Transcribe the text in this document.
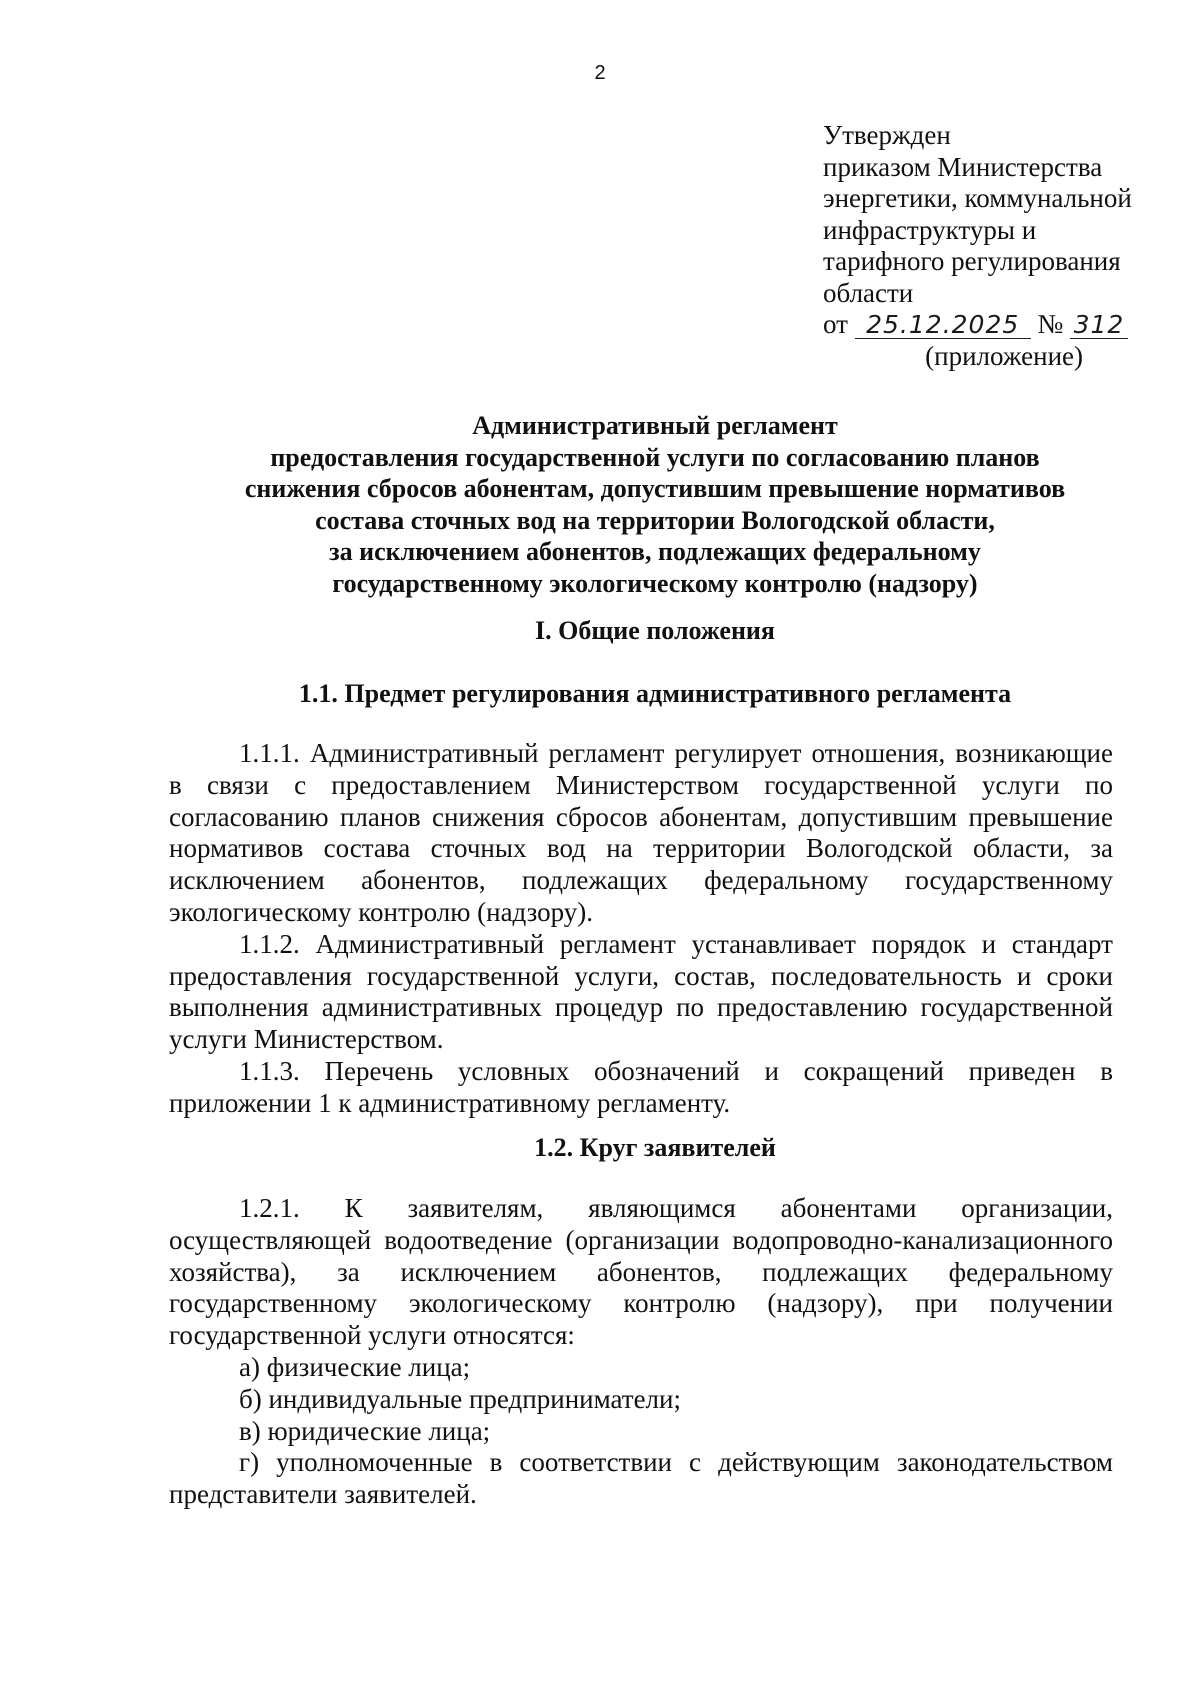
2
Утвержден
приказом Министерства
энергетики, коммунальной
инфраструктуры и
тарифного регулирования
области
от 25.12.2025 № 312
(приложение)
Административный регламент
предоставления государственной услуги по согласованию планов
снижения сбросов абонентам, допустившим превышение нормативов
состава сточных вод на территории Вологодской области,
за исключением абонентов, подлежащих федеральному
государственному экологическому контролю (надзору)
I. Общие положения
1.1. Предмет регулирования административного регламента

1.1.1. Административный регламент регулирует отношения, возникающие в связи с предоставлением Министерством государственной услуги по согласованию планов снижения сбросов абонентам, допустившим превышение нормативов состава сточных вод на территории Вологодской области, за исключением абонентов, подлежащих федеральному государственному экологическому контролю (надзору).

1.1.2. Административный регламент устанавливает порядок и стандарт предоставления государственной услуги, состав, последовательность и сроки выполнения административных процедур по предоставлению государственной услуги Министерством.

1.1.3. Перечень условных обозначений и сокращений приведен в приложении 1 к административному регламенту.

1.2. Круг заявителей

1.2.1. К заявителям, являющимся абонентами организации, осуществляющей водоотведение (организации водопроводно-канализационного хозяйства), за исключением абонентов, подлежащих федеральному государственному экологическому контролю (надзору), при получении государственной услуги относятся:

а) физические лица;

б) индивидуальные предприниматели;

в) юридические лица;

г) уполномоченные в соответствии с действующим законодательством представители заявителей.
